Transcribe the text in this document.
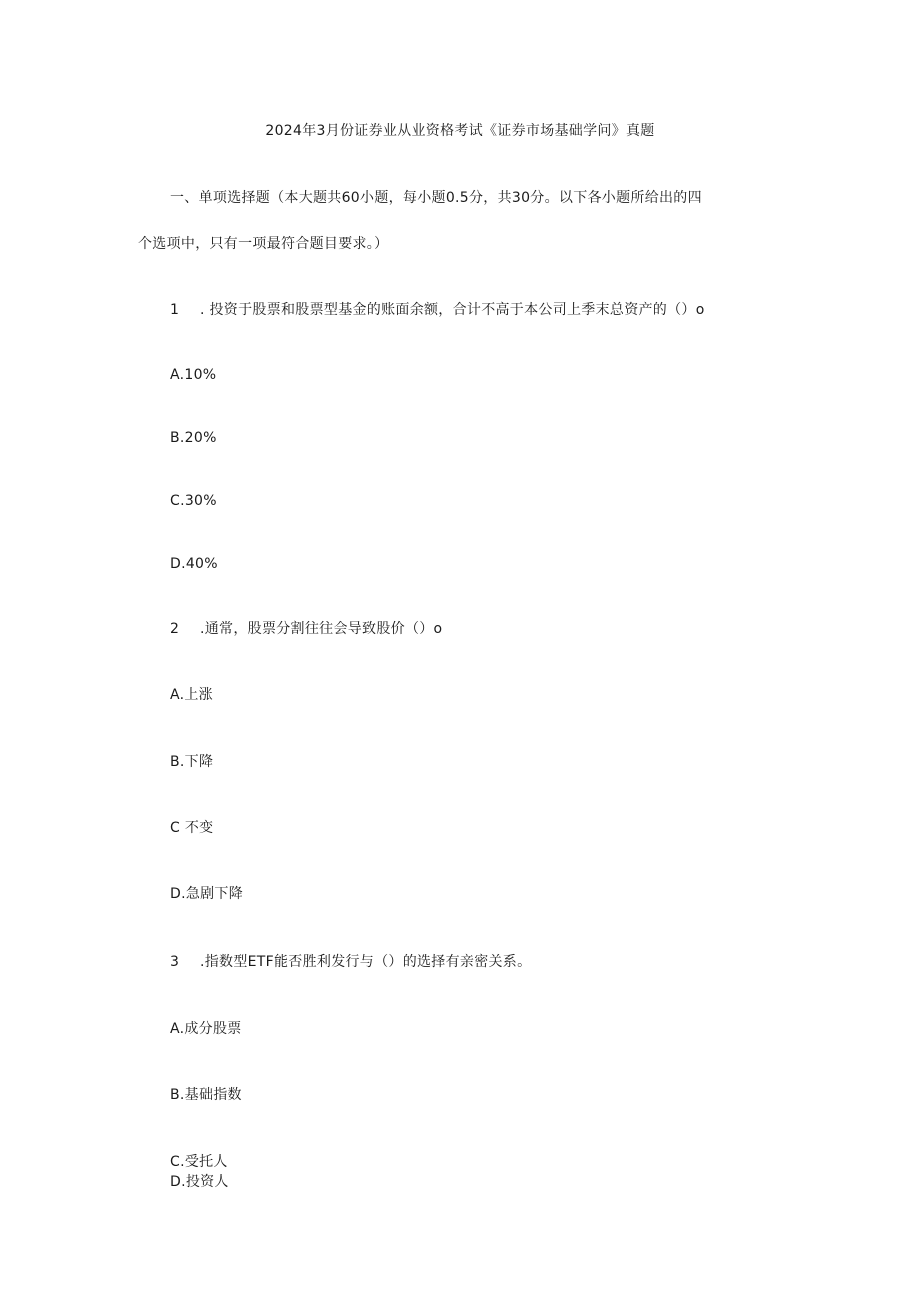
2024年3月份证券业从业资格考试《证券市场基础学问》真题
一、单项选择题（本大题共60小题，每小题0.5分，共30分。以下各小题所给出的四
个选项中，只有一项最符合题目要求。）
1 . 投资于股票和股票型基金的账面余额，合计不高于本公司上季末总资产的（）o
A.10%
B.20%
C.30%
D.40%
2 .通常，股票分割往往会导致股价（）o
A.上涨
B.下降
C 不变
D.急剧下降
3 .指数型ETF能否胜利发行与（）的选择有亲密关系。
A.成分股票
B.基础指数
C.受托人
D.投资人
